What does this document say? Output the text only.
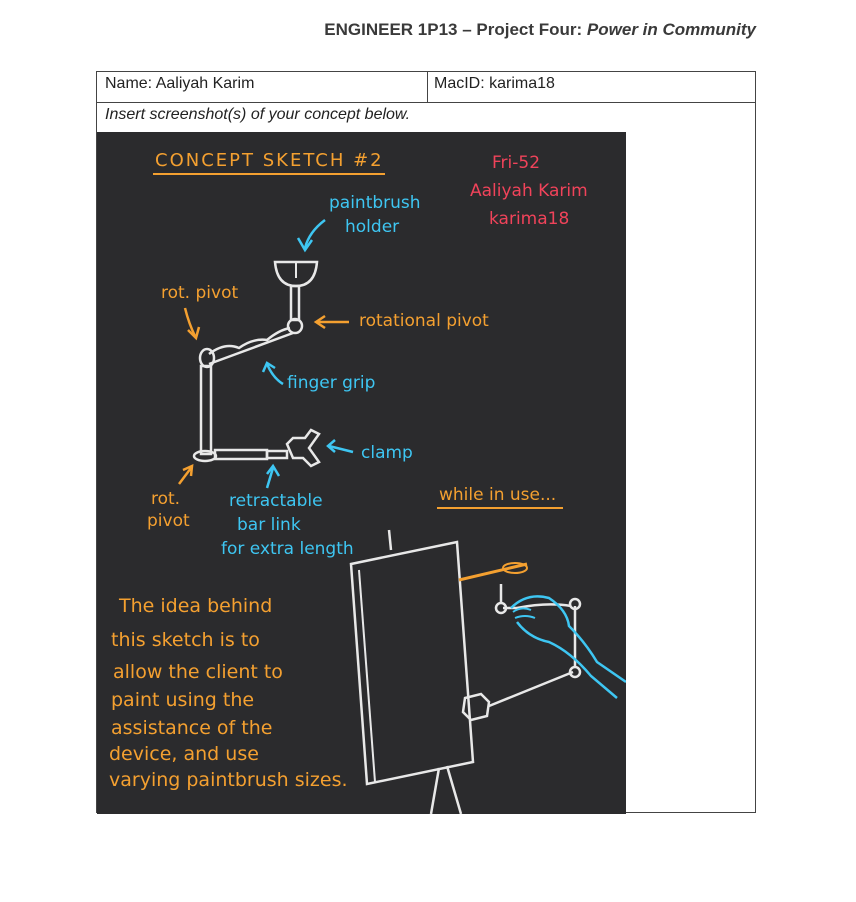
ENGINEER 1P13 – Project Four: Power in Community
Name: Aaliyah Karim	MacID: karima18
Insert screenshot(s) of your concept below.
CONCEPT SKETCH #2	Fri-52
Aaliyah Karim
karima18
paintbrush
holder
rot. pivot
rotational pivot
finger grip
clamp
rot.
pivot
retractable
bar link
for extra length
while in use...
The idea behind
this sketch is to
allow the client to
paint using the
assistance of the
device, and use
varying paintbrush sizes.
